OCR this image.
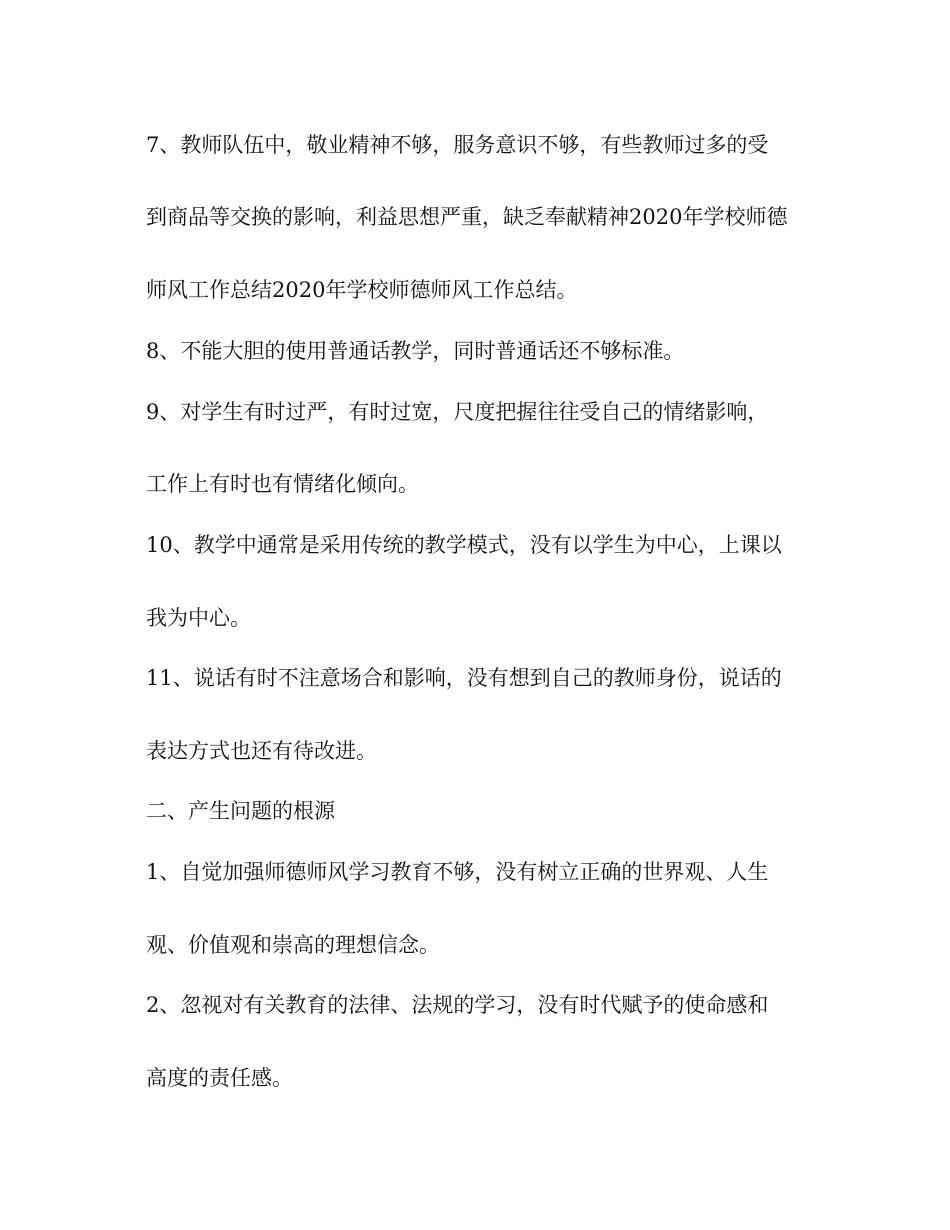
7、教师队伍中，敬业精神不够，服务意识不够，有些教师过多的受
到商品等交换的影响，利益思想严重，缺乏奉献精神2020年学校师德
师风工作总结2020年学校师德师风工作总结。
8、不能大胆的使用普通话教学，同时普通话还不够标准。
9、对学生有时过严，有时过宽，尺度把握往往受自己的情绪影响，
工作上有时也有情绪化倾向。
10、教学中通常是采用传统的教学模式，没有以学生为中心，上课以
我为中心。
11、说话有时不注意场合和影响，没有想到自己的教师身份，说话的
表达方式也还有待改进。
二、产生问题的根源
1、自觉加强师德师风学习教育不够，没有树立正确的世界观、人生
观、价值观和崇高的理想信念。
2、忽视对有关教育的法律、法规的学习，没有时代赋予的使命感和
高度的责任感。
